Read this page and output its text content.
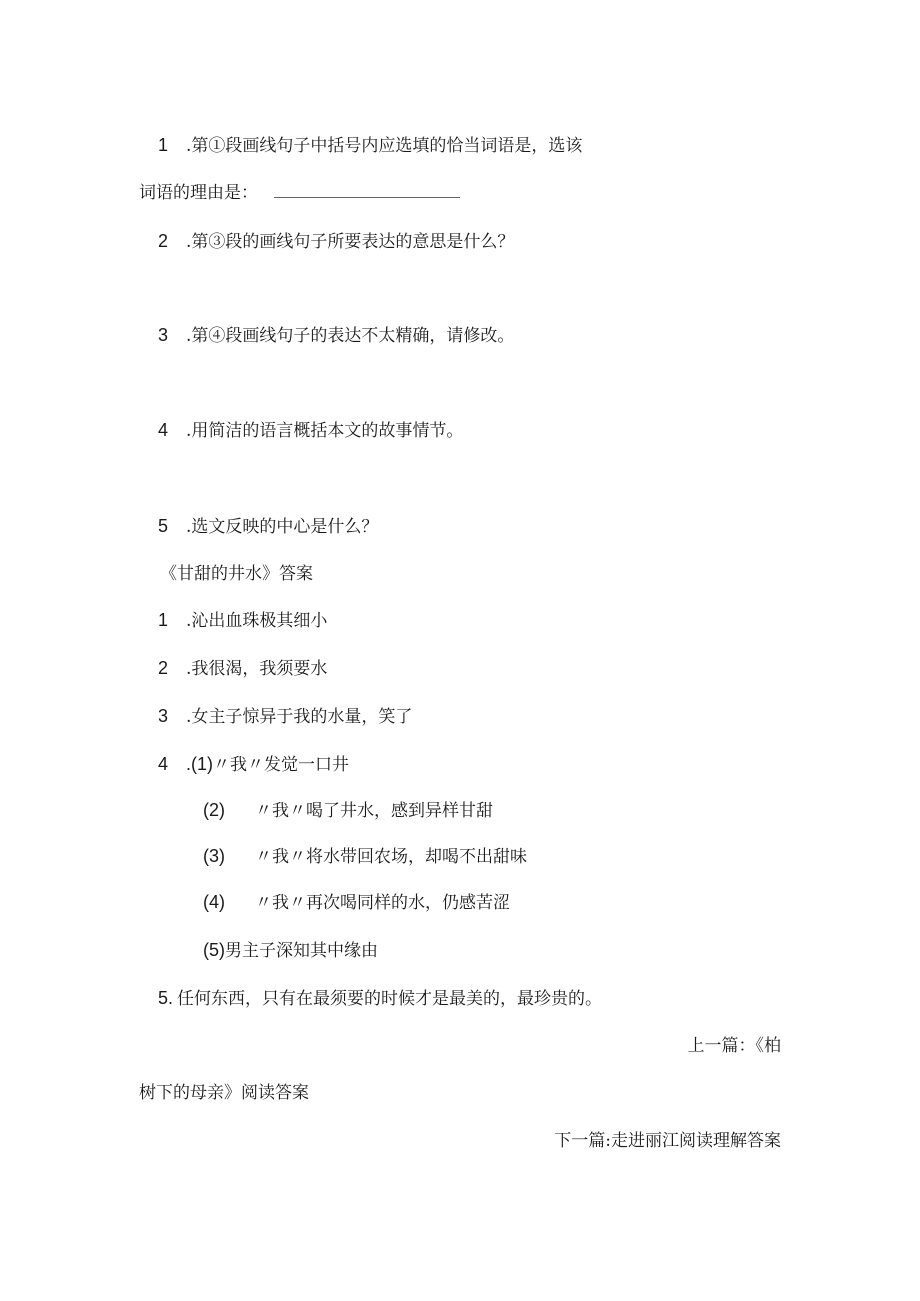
1 .第①段画线句子中括号内应选填的恰当词语是，选该
词语的理由是：
2 .第③段的画线句子所要表达的意思是什么？
3 .第④段画线句子的表达不太精确，请修改。
4 .用简洁的语言概括本文的故事情节。
5 .选文反映的中心是什么？
《甘甜的井水》答案
1 .沁出血珠极其细小
2 .我很渴，我须要水
3 .女主子惊异于我的水量，笑了
4 .(1)〃我〃发觉一口井
(2) 〃我〃喝了井水，感到异样甘甜
(3) 〃我〃将水带回农场，却喝不出甜味
(4) 〃我〃再次喝同样的水，仍感苦涩
(5)男主子深知其中缘由
5. 任何东西，只有在最须要的时候才是最美的，最珍贵的。
上一篇：《柏
树下的母亲》阅读答案
下一篇:走进丽江阅读理解答案
